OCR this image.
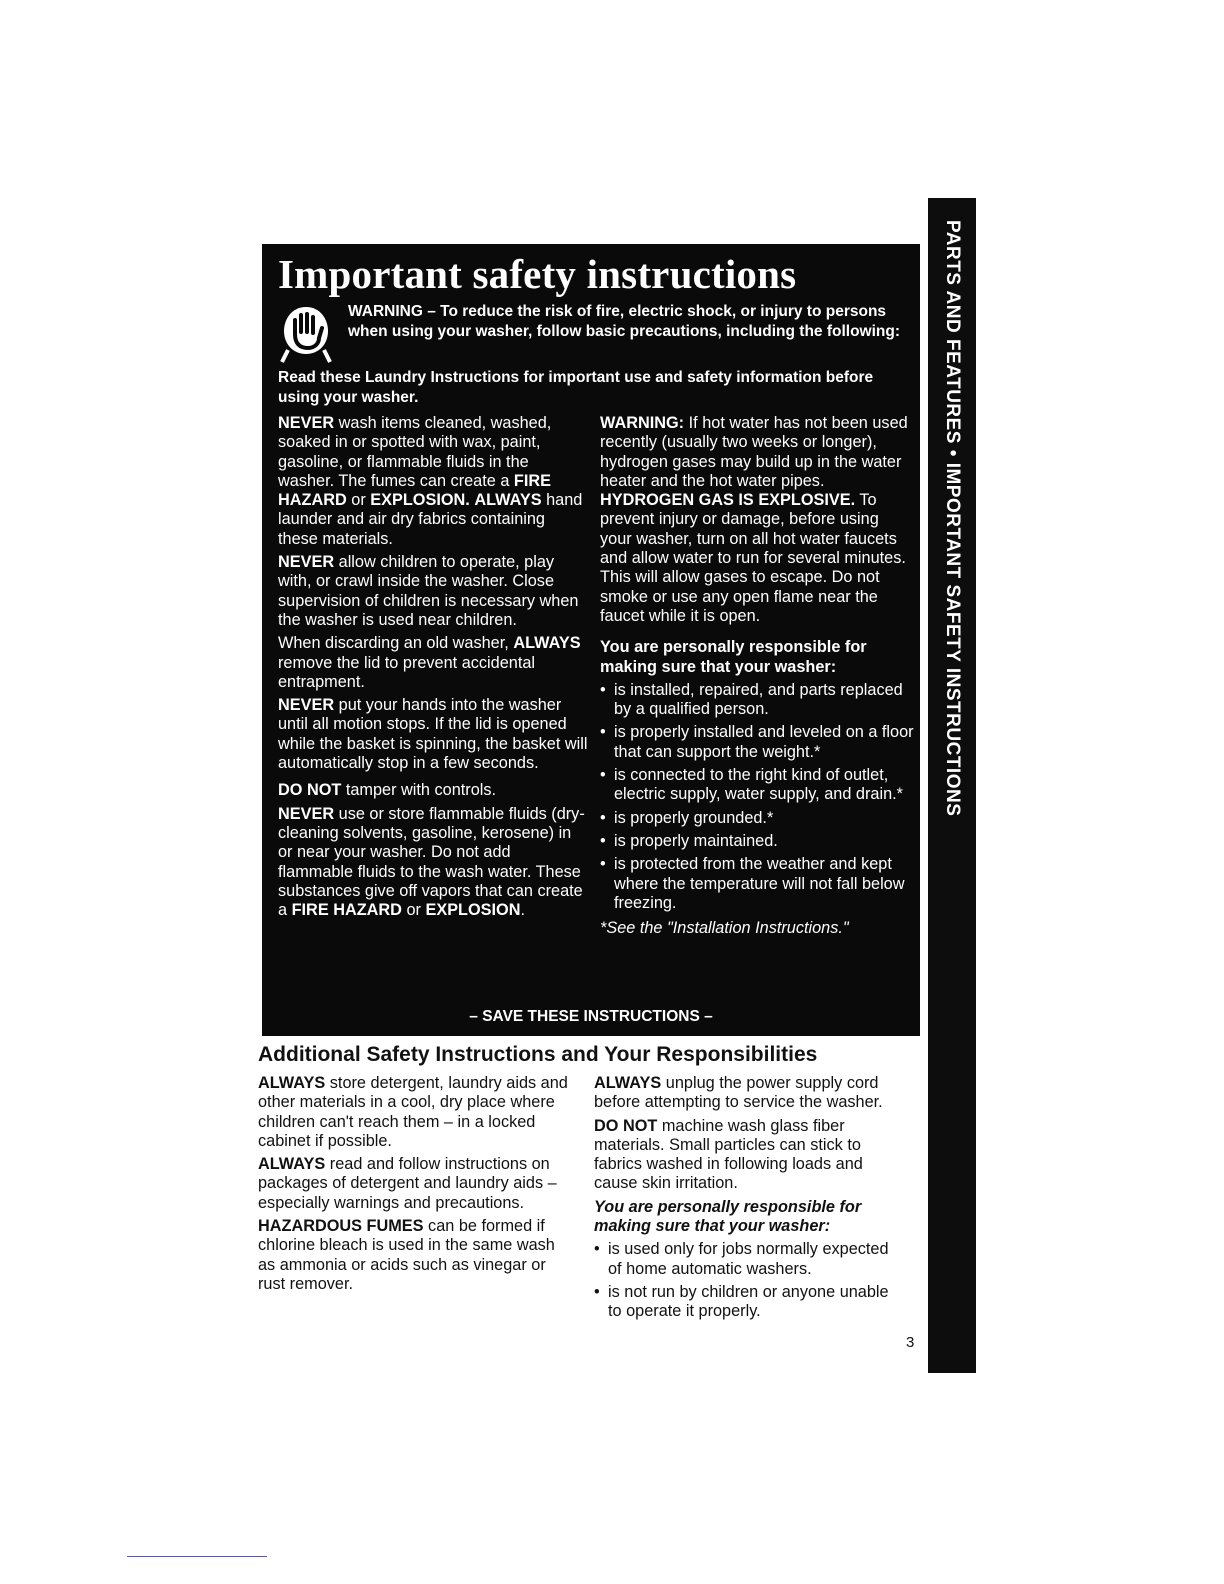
Important safety instructions

WARNING – To reduce the risk of fire, electric shock, or injury to persons when using your washer, follow basic precautions, including the following:

Read these Laundry Instructions for important use and safety information before using your washer.

NEVER wash items cleaned, washed, soaked in or spotted with wax, paint, gasoline, or flammable fluids in the washer. The fumes can create a FIRE HAZARD or EXPLOSION. ALWAYS hand launder and air dry fabrics containing these materials.

NEVER allow children to operate, play with, or crawl inside the washer. Close supervision of children is necessary when the washer is used near children.

When discarding an old washer, ALWAYS remove the lid to prevent accidental entrapment.

NEVER put your hands into the washer until all motion stops. If the lid is opened while the basket is spinning, the basket will automatically stop in a few seconds.

DO NOT tamper with controls.

NEVER use or store flammable fluids (dry-cleaning solvents, gasoline, kerosene) in or near your washer. Do not add flammable fluids to the wash water. These substances give off vapors that can create a FIRE HAZARD or EXPLOSION.

WARNING: If hot water has not been used recently (usually two weeks or longer), hydrogen gases may build up in the water heater and the hot water pipes. HYDROGEN GAS IS EXPLOSIVE. To prevent injury or damage, before using your washer, turn on all hot water faucets and allow water to run for several minutes. This will allow gases to escape. Do not smoke or use any open flame near the faucet while it is open.

You are personally responsible for making sure that your washer:

• is installed, repaired, and parts replaced by a qualified person.
• is properly installed and leveled on a floor that can support the weight.*
• is connected to the right kind of outlet, electric supply, water supply, and drain.*
• is properly grounded.*
• is properly maintained.
• is protected from the weather and kept where the temperature will not fall below freezing.

*See the "Installation Instructions."

– SAVE THESE INSTRUCTIONS –
Additional Safety Instructions and Your Responsibilities

ALWAYS store detergent, laundry aids and other materials in a cool, dry place where children can't reach them – in a locked cabinet if possible.

ALWAYS read and follow instructions on packages of detergent and laundry aids – especially warnings and precautions.

HAZARDOUS FUMES can be formed if chlorine bleach is used in the same wash as ammonia or acids such as vinegar or rust remover.

ALWAYS unplug the power supply cord before attempting to service the washer.

DO NOT machine wash glass fiber materials. Small particles can stick to fabrics washed in following loads and cause skin irritation.

You are personally responsible for making sure that your washer:

• is used only for jobs normally expected of home automatic washers.
• is not run by children or anyone unable to operate it properly.
3
PARTS AND FEATURES • IMPORTANT SAFETY INSTRUCTIONS
